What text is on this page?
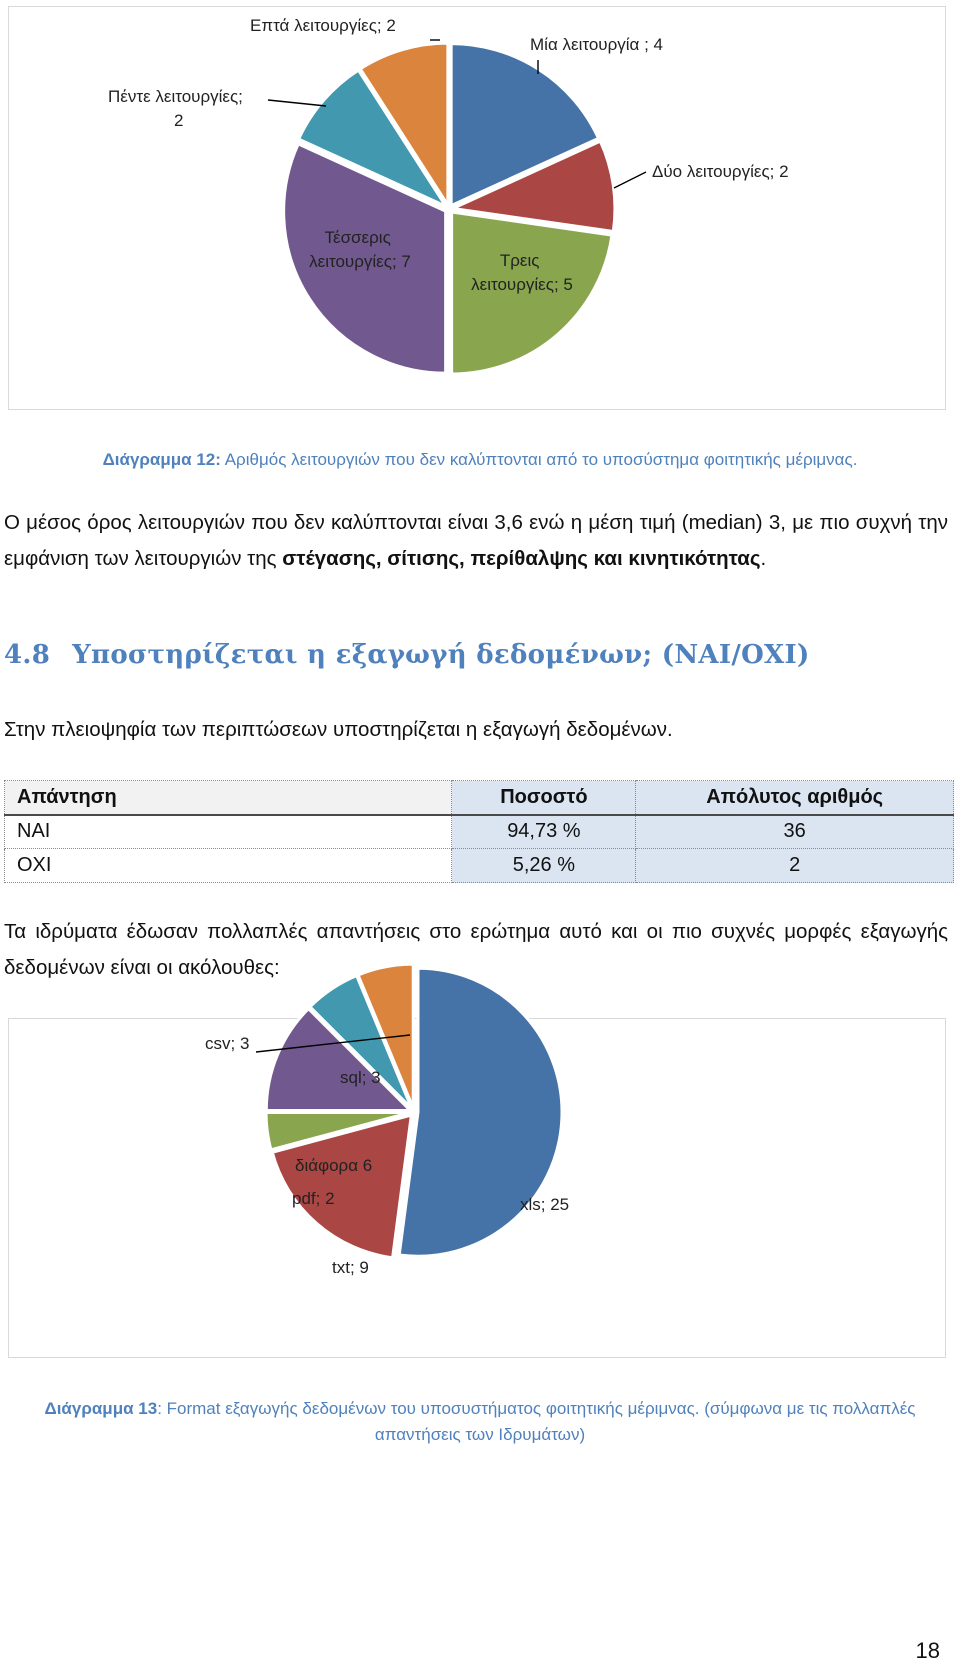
Επτά λειτουργίες; 2
Μία λειτουργία ; 4
Δύο λειτουργίες; 2
Πέντε λειτουργίες; 2
Τέσσερις λειτουργίες; 7	Τρεις λειτουργίες; 5
Διάγραμμα 12: Αριθμός λειτουργιών που δεν καλύπτονται από το υποσύστημα φοιτητικής μέριμνας.
Ο μέσος όρος λειτουργιών που δεν καλύπτονται είναι 3,6 ενώ η μέση τιμή (median) 3, με πιο συχνή την εμφάνιση των λειτουργιών της στέγασης, σίτισης, περίθαλψης και κινητικότητας.
4.8 Υποστηρίζεται η εξαγωγή δεδομένων; (ΝΑΙ/ΟΧΙ)
Στην πλειοψηφία των περιπτώσεων υποστηρίζεται η εξαγωγή δεδομένων.
Απάντηση	Ποσοστό	Απόλυτος αριθμός
ΝΑΙ	94,73 %	36
ΟΧΙ	5,26 %	2
Τα ιδρύματα έδωσαν πολλαπλές απαντήσεις στο ερώτημα αυτό και οι πιο συχνές μορφές εξαγωγής δεδομένων είναι οι ακόλουθες:
csv; 3
sql; 3
διάφορα 6
pdf; 2	xls; 25
txt; 9
Διάγραμμα 13: Format εξαγωγής δεδομένων του υποσυστήματος φοιτητικής μέριμνας. (σύμφωνα με τις πολλαπλές απαντήσεις των Ιδρυμάτων)
18
